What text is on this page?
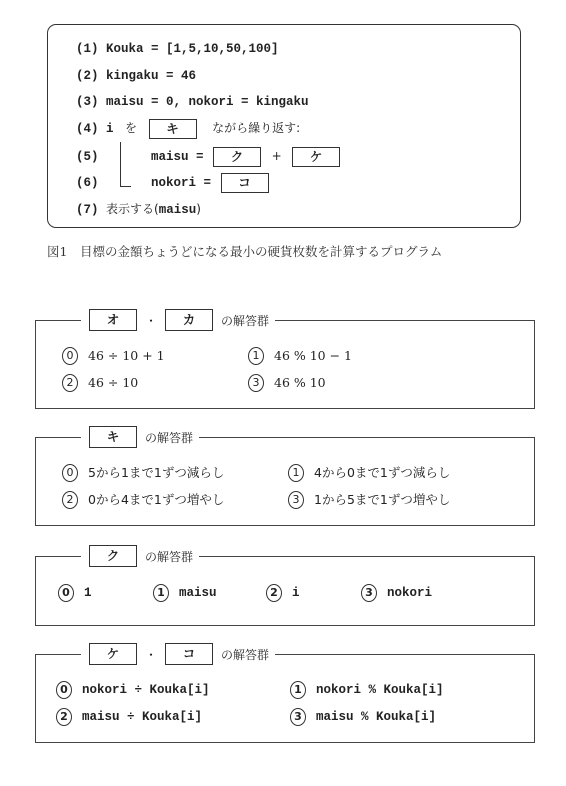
(1) Kouka = [1,5,10,50,100]
(2) kingaku = 46
(3) maisu = 0, nokori = kingaku
(4) i を キ	ながら繰り返す:
(5)	maisu = ク + ケ
(6)	nokori = コ
(7) 表示する(maisu)
図1　目標の金額ちょうどになる最小の硬貨枚数を計算するプログラム
オ	・	カ	の解答群
0	46 ÷ 10 + 1	1	46 % 10 − 1
2	46 ÷ 10	3	46 % 10
キ	の解答群
0	5から1まで1ずつ減らし	1	4から0まで1ずつ減らし
2	0から4まで1ずつ増やし	3	1から5まで1ずつ増やし
ク	の解答群
0	1	1	maisu	2	i	3	nokori
ケ	・	コ	の解答群
0	nokori ÷ Kouka[i]	1	nokori % Kouka[i]
2	maisu ÷ Kouka[i]	3	maisu % Kouka[i]
